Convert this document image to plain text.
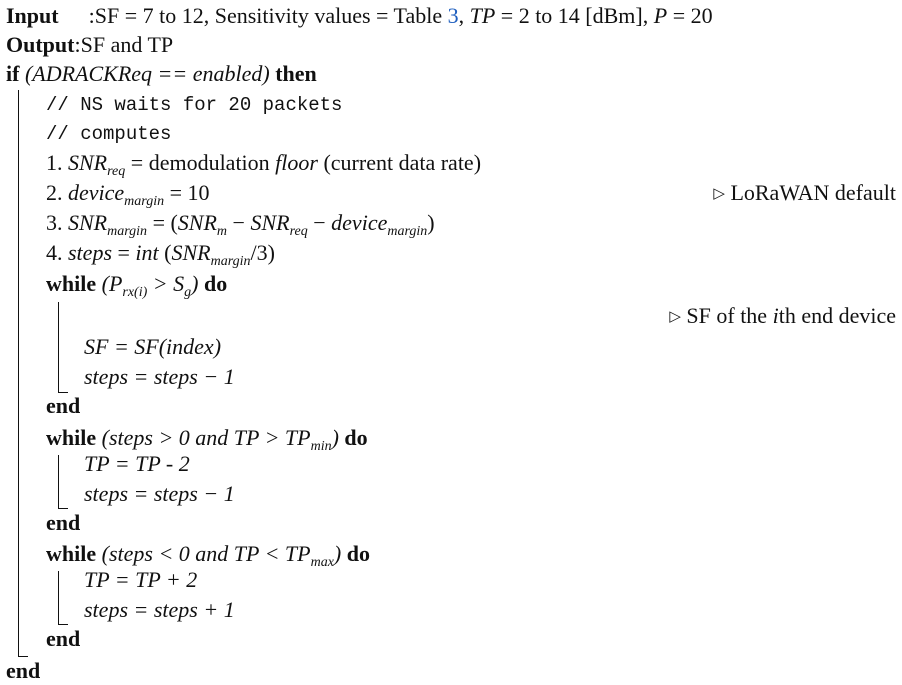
Input :SF = 7 to 12, Sensitivity values = Table 3, TP = 2 to 14 [dBm], P = 20
Output:SF and TP
if (ADRACKReq == enabled) then
// NS waits for 20 packets
// computes
1. $SNR_{req}$ = demodulation floor (current data rate)
2. device$_{margin}$ = 10	▷ LoRaWAN default
3. $SNR_{margin} = (SNR_m - SNR_{req}$ − device$_{margin}$)
4. steps = int $(SNR_{margin}/3)$
while $(P_{rx(i)} > S_g)$ do
▷ SF of the ith end device
SF = SF(index)
steps = steps − 1
end
while (steps > 0 and TP > $TP_{min}$) do
TP = TP - 2
steps = steps − 1
end
while (steps < 0 and TP < $TP_{max}$) do
TP = TP + 2
steps = steps + 1
end
end
